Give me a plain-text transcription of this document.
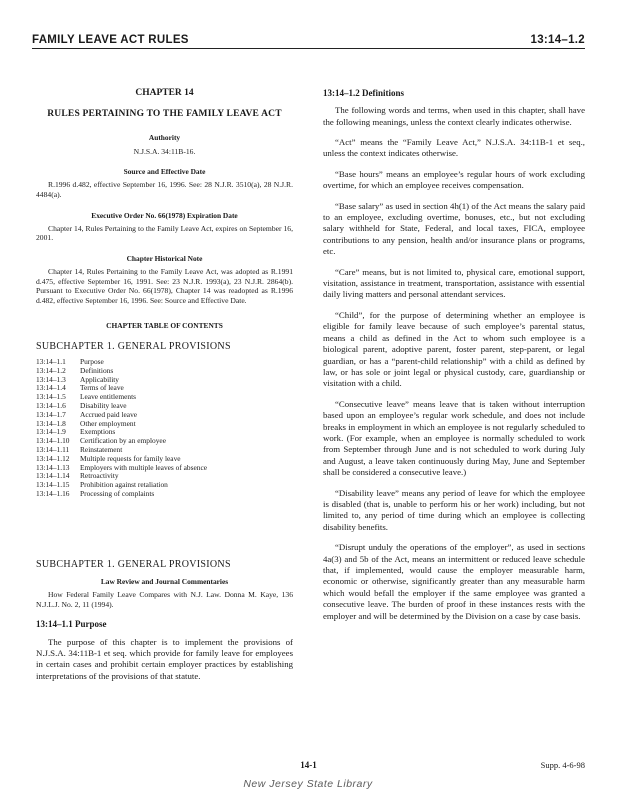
FAMILY LEAVE ACT RULES	13:14–1.2
CHAPTER 14
RULES PERTAINING TO THE FAMILY LEAVE ACT
Authority

N.J.S.A. 34:11B-16.

Source and Effective Date

R.1996 d.482, effective September 16, 1996. See: 28 N.J.R. 3510(a), 28 N.J.R. 4484(a).

Executive Order No. 66(1978) Expiration Date

Chapter 14, Rules Pertaining to the Family Leave Act, expires on September 16, 2001.

Chapter Historical Note

Chapter 14, Rules Pertaining to the Family Leave Act, was adopted as R.1991 d.475, effective September 16, 1991. See: 23 N.J.R. 1993(a), 23 N.J.R. 2864(b). Pursuant to Executive Order No. 66(1978), Chapter 14 was readopted as R.1996 d.482, effective September 16, 1996. See: Source and Effective Date.

CHAPTER TABLE OF CONTENTS
SUBCHAPTER 1. GENERAL PROVISIONS
13:14–1.1	Purpose
13:14–1.2	Definitions
13:14–1.3	Applicability
13:14–1.4	Terms of leave
13:14–1.5	Leave entitlements
13:14–1.6	Disability leave
13:14–1.7	Accrued paid leave
13:14–1.8	Other employment
13:14–1.9	Exemptions
13:14–1.10	Certification by an employee
13:14–1.11	Reinstatement
13:14–1.12	Multiple requests for family leave
13:14–1.13	Employers with multiple leaves of absence
13:14–1.14	Retroactivity
13:14–1.15	Prohibition against retaliation
13:14–1.16	Processing of complaints
SUBCHAPTER 1. GENERAL PROVISIONS
Law Review and Journal Commentaries

How Federal Family Leave Compares with N.J. Law. Donna M. Kaye, 136 N.J.L.J. No. 2, 11 (1994).

13:14–1.1 Purpose

The purpose of this chapter is to implement the provisions of N.J.S.A. 34:11B-1 et seq. which provide for family leave for employees in certain cases and prohibit certain employer practices by establishing interpretations of the provisions of that statute.

13:14–1.2 Definitions

The following words and terms, when used in this chapter, shall have the following meanings, unless the context clearly indicates otherwise.

“Act” means the “Family Leave Act,” N.J.S.A. 34:11B-1 et seq., unless the context indicates otherwise.

“Base hours” means an employee’s regular hours of work excluding overtime, for which an employee receives compensation.

“Base salary” as used in section 4h(1) of the Act means the salary paid to an employee, excluding overtime, bonuses, etc., but not excluding salary withheld for State, Federal, and local taxes, FICA, employee contributions to any pension, health and/or insurance plans or programs, etc.

“Care” means, but is not limited to, physical care, emotional support, visitation, assistance in treatment, transportation, assistance with essential daily living matters and personal attendant services.

“Child”, for the purpose of determining whether an employee is eligible for family leave because of such employee’s parental status, means a child as defined in the Act to whom such employee is a biological parent, adoptive parent, foster parent, step-parent, or legal guardian, or has a “parent-child relationship” with a child as defined by law, or has sole or joint legal or physical custody, care, guardianship or visitation with a child.

“Consecutive leave” means leave that is taken without interruption based upon an employee’s regular work schedule, and does not include breaks in employment in which an employee is not regularly scheduled to work. (For example, when an employee is normally scheduled to work from September through June and is not scheduled to work during July and August, a leave taken continuously during May, June and September shall be considered a consecutive leave.)

“Disability leave” means any period of leave for which the employee is disabled (that is, unable to perform his or her work) including, but not limited to, any period of time during which an employee is collecting disability benefits.

“Disrupt unduly the operations of the employer”, as used in sections 4a(3) and 5b of the Act, means an intermittent or reduced leave schedule that, if implemented, would cause the employer measurable harm, economic or otherwise, significantly greater than any measurable harm which would befall the employer if the same employee was granted a consecutive leave. The burden of proof in these instances rests with the employer and will be determined by the Division on a case by case basis.

14-1	Supp. 4-6-98
New Jersey State Library
